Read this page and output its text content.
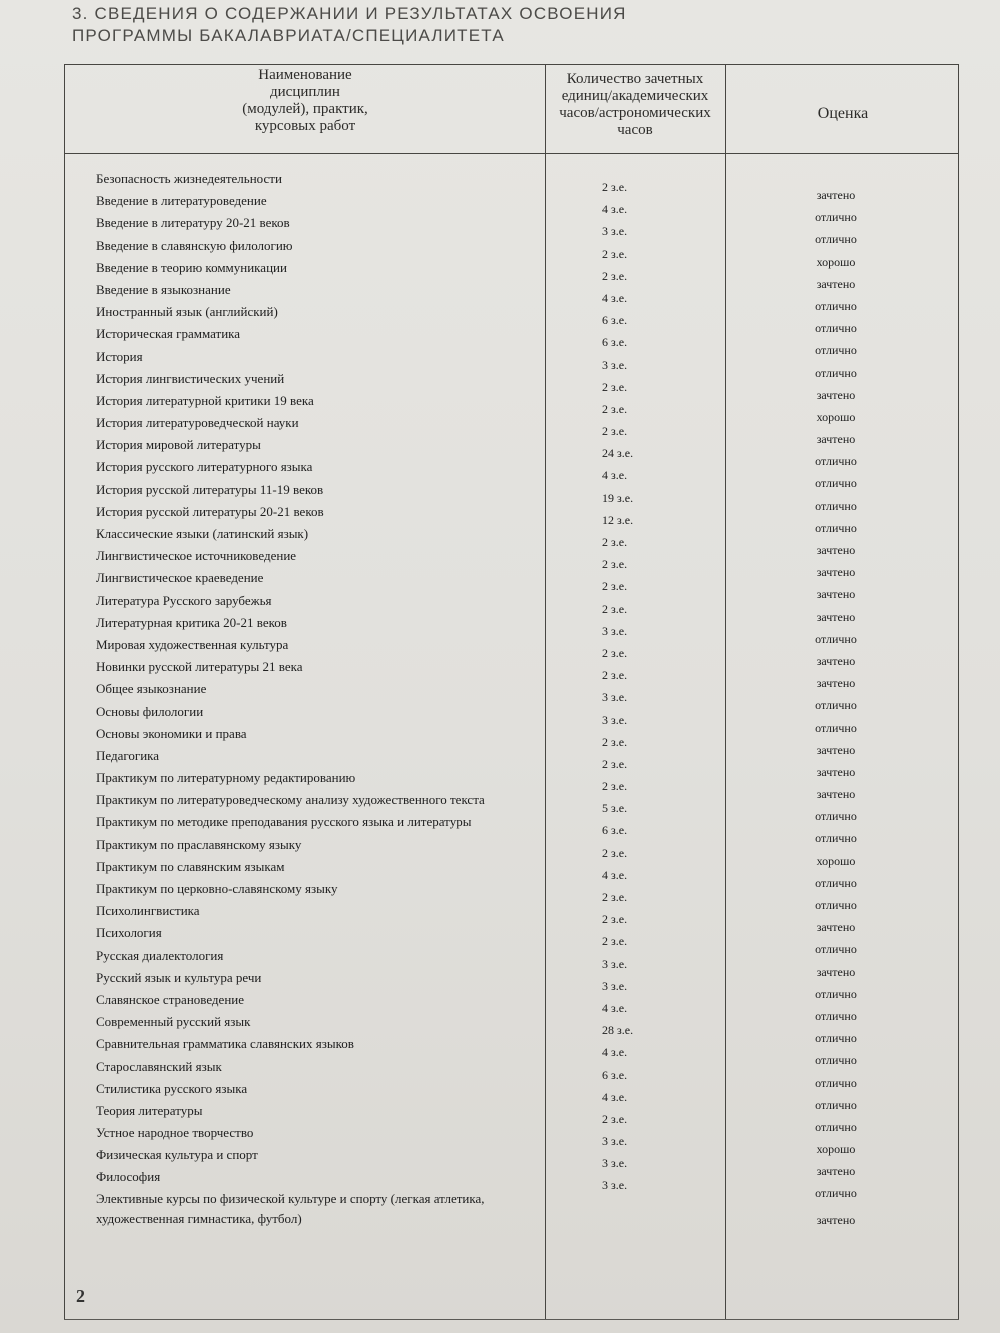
3. СВЕДЕНИЯ О СОДЕРЖАНИИ И РЕЗУЛЬТАТАХ ОСВОЕНИЯ
ПРОГРАММЫ БАКАЛАВРИАТА/СПЕЦИАЛИТЕТА
Наименование
дисциплин
(модулей), практик,
курсовых работ
Количество зачетных
единиц/академических
часов/астрономических
часов
Оценка
Безопасность жизнедеятельности
2 з.е.
зачтено
Введение в литературоведение
4 з.е.
отлично
Введение в литературу 20-21 веков
3 з.е.
отлично
Введение в славянскую филологию
2 з.е.
хорошо
Введение в теорию коммуникации
2 з.е.
зачтено
Введение в языкознание
4 з.е.
отлично
Иностранный язык (английский)
6 з.е.
отлично
Историческая грамматика
6 з.е.
отлично
История
3 з.е.
отлично
История лингвистических учений
2 з.е.
зачтено
История литературной критики 19 века
2 з.е.
хорошо
История литературоведческой науки
2 з.е.
зачтено
История мировой литературы
24 з.е.
отлично
История русского литературного языка
4 з.е.
отлично
История русской литературы 11-19 веков
19 з.е.
отлично
История русской литературы 20-21 веков
12 з.е.
отлично
Классические языки (латинский язык)
2 з.е.
зачтено
Лингвистическое источниковедение
2 з.е.
зачтено
Лингвистическое краеведение
2 з.е.
зачтено
Литература Русского зарубежья
2 з.е.
зачтено
Литературная критика 20-21 веков
3 з.е.
отлично
Мировая художественная культура
2 з.е.
зачтено
Новинки русской литературы 21 века
2 з.е.
зачтено
Общее языкознание
3 з.е.
отлично
Основы филологии
3 з.е.
отлично
Основы экономики и права
2 з.е.
зачтено
Педагогика
2 з.е.
зачтено
Практикум по литературному редактированию
2 з.е.
зачтено
Практикум по литературоведческому анализу художественного текста
5 з.е.
отлично
Практикум по методике преподавания русского языка и литературы
6 з.е.
отлично
Практикум по праславянскому языку
2 з.е.
хорошо
Практикум по славянским языкам
4 з.е.
отлично
Практикум по церковно-славянскому языку
2 з.е.
отлично
Психолингвистика
2 з.е.
зачтено
Психология
2 з.е.
отлично
Русская диалектология
3 з.е.
зачтено
Русский язык и культура речи
3 з.е.
отлично
Славянское страноведение
4 з.е.
отлично
Современный русский язык
28 з.е.
отлично
Сравнительная грамматика славянских языков
4 з.е.
отлично
Старославянский язык
6 з.е.
отлично
Стилистика русского языка
4 з.е.
отлично
Теория литературы
2 з.е.
отлично
Устное народное творчество
3 з.е.
хорошо
Физическая культура и спорт
3 з.е.
зачтено
Философия
3 з.е.
отлично
Элективные курсы по физической культуре и спорту (легкая атлетика, художественная гимнастика, футбол)	зачтено
2
